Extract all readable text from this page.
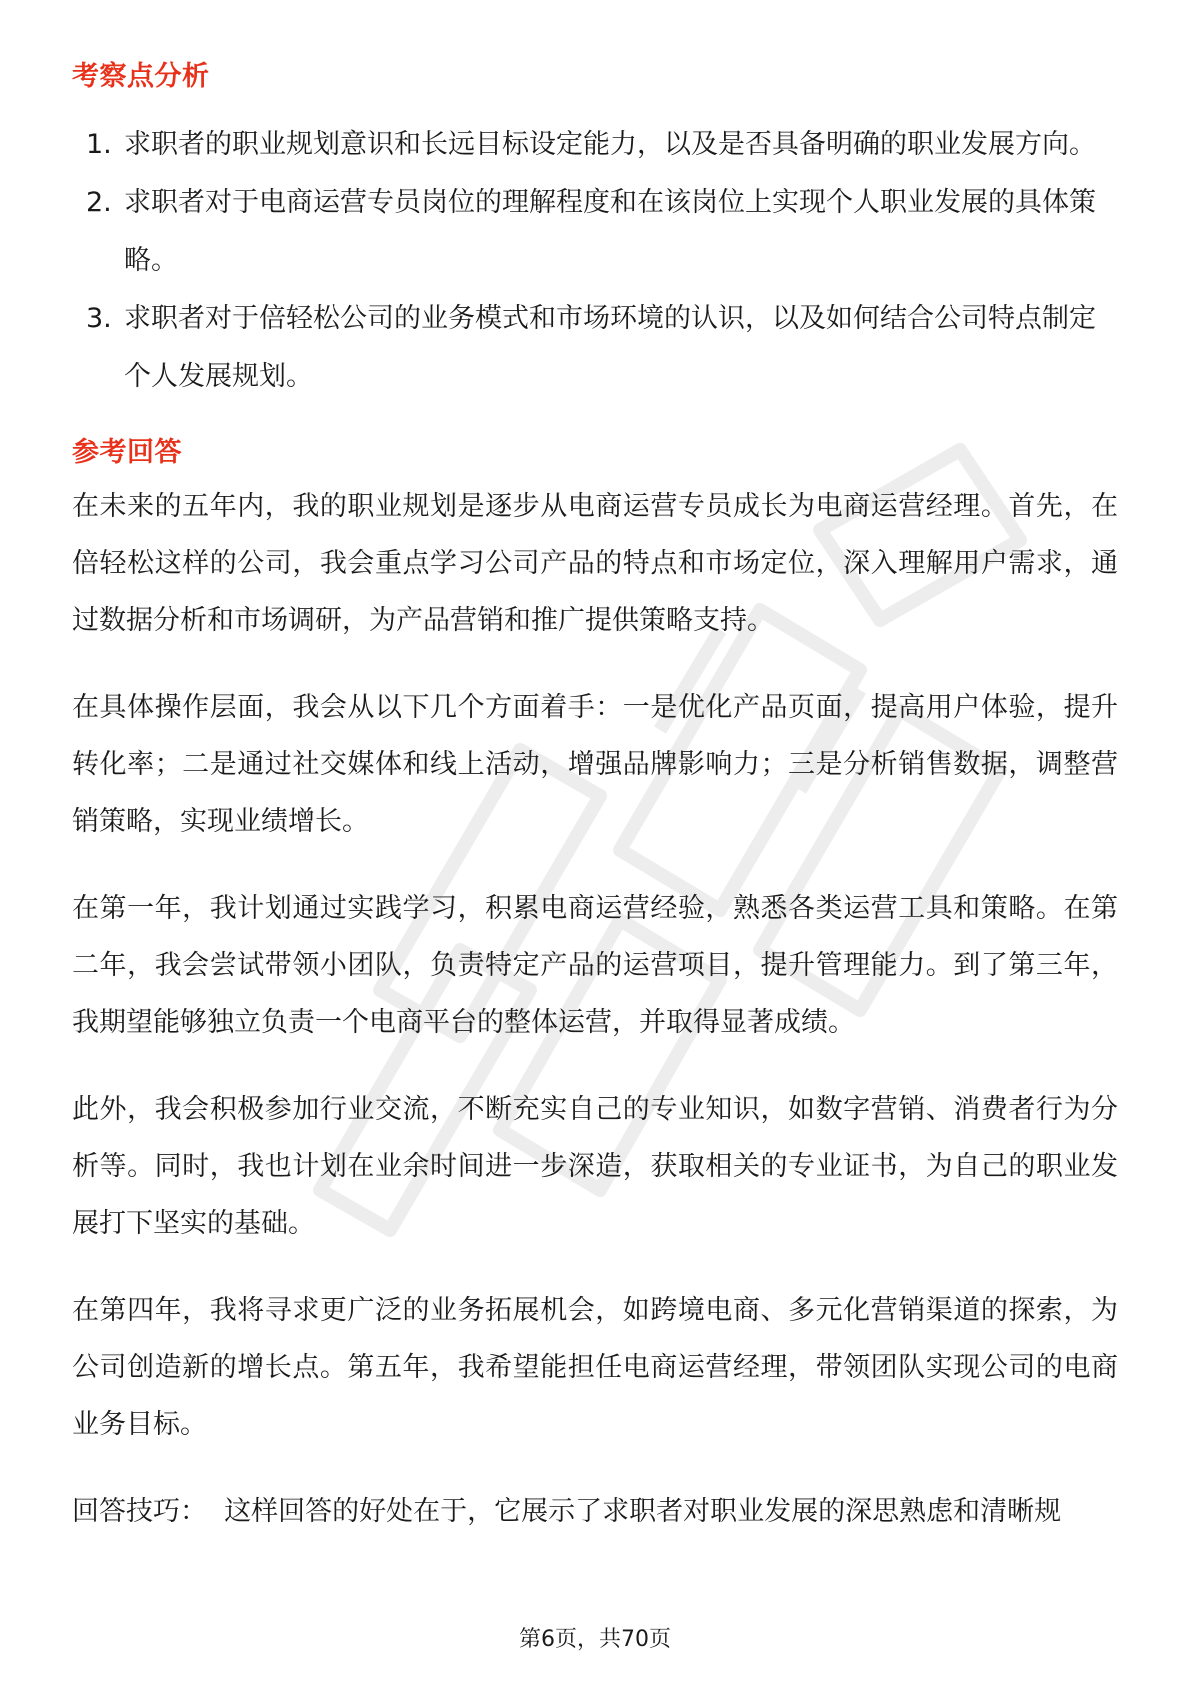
考察点分析
1. 求职者的职业规划意识和长远目标设定能力，以及是否具备明确的职业发展方向。
2. 求职者对于电商运营专员岗位的理解程度和在该岗位上实现个人职业发展的具体策略。
3. 求职者对于倍轻松公司的业务模式和市场环境的认识，以及如何结合公司特点制定个人发展规划。
参考回答

在未来的五年内，我的职业规划是逐步从电商运营专员成长为电商运营经理。首先，在倍轻松这样的公司，我会重点学习公司产品的特点和市场定位，深入理解用户需求，通过数据分析和市场调研，为产品营销和推广提供策略支持。

在具体操作层面，我会从以下几个方面着手：一是优化产品页面，提高用户体验，提升转化率；二是通过社交媒体和线上活动，增强品牌影响力；三是分析销售数据，调整营销策略，实现业绩增长。

在第一年，我计划通过实践学习，积累电商运营经验，熟悉各类运营工具和策略。在第二年，我会尝试带领小团队，负责特定产品的运营项目，提升管理能力。到了第三年，我期望能够独立负责一个电商平台的整体运营，并取得显著成绩。

此外，我会积极参加行业交流，不断充实自己的专业知识，如数字营销、消费者行为分析等。同时，我也计划在业余时间进一步深造，获取相关的专业证书，为自己的职业发展打下坚实的基础。

在第四年，我将寻求更广泛的业务拓展机会，如跨境电商、多元化营销渠道的探索，为公司创造新的增长点。第五年，我希望能担任电商运营经理，带领团队实现公司的电商业务目标。

回答技巧：  这样回答的好处在于，它展示了求职者对职业发展的深思熟虑和清晰规

第6页，共70页
